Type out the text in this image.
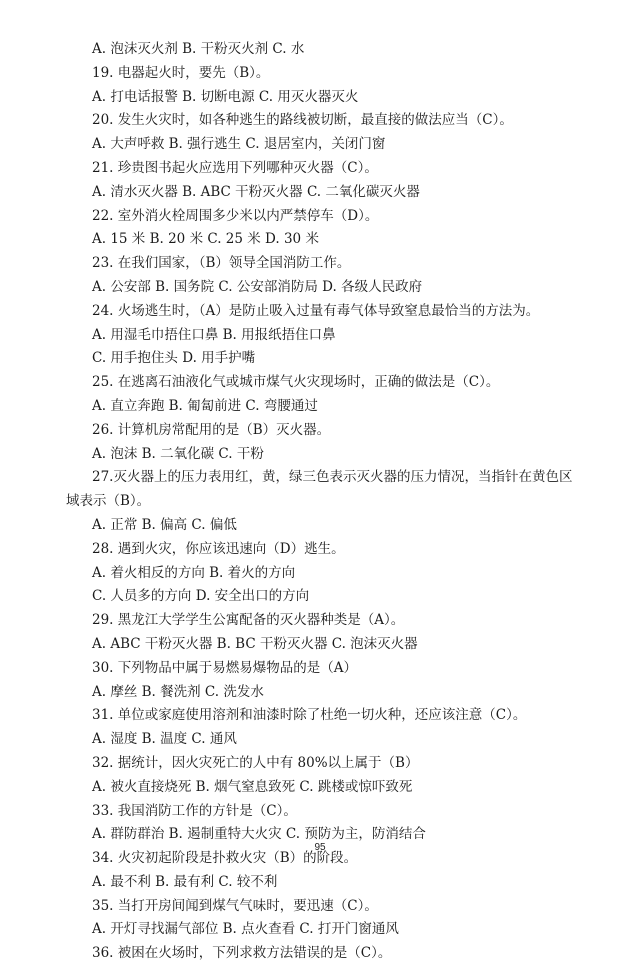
A. 泡沫灭火剂 B. 干粉灭火剂 C. 水
19. 电器起火时，要先（B）。
A. 打电话报警 B. 切断电源 C. 用灭火器灭火
20. 发生火灾时，如各种逃生的路线被切断，最直接的做法应当（C）。
A. 大声呼救 B. 强行逃生 C. 退居室内，关闭门窗
21. 珍贵图书起火应选用下列哪种灭火器（C）。
A. 清水灭火器 B. ABC 干粉灭火器 C. 二氧化碳灭火器
22. 室外消火栓周围多少米以内严禁停车（D）。
A. 15 米 B. 20 米 C. 25 米 D. 30 米
23. 在我们国家，（B）领导全国消防工作。
A. 公安部 B. 国务院 C. 公安部消防局 D. 各级人民政府
24. 火场逃生时，（A）是防止吸入过量有毒气体导致窒息最恰当的方法为。
A. 用湿毛巾捂住口鼻 B. 用报纸捂住口鼻
C. 用手抱住头 D. 用手护嘴
25. 在逃离石油液化气或城市煤气火灾现场时，正确的做法是（C）。
A. 直立奔跑 B. 匍匐前进 C. 弯腰通过
26. 计算机房常配用的是（B）灭火器。
A. 泡沫 B. 二氧化碳 C. 干粉
27.灭火器上的压力表用红，黄，绿三色表示灭火器的压力情况，当指针在黄色区域表示（B）。
A. 正常 B. 偏高 C. 偏低
28. 遇到火灾，你应该迅速向（D）逃生。
A. 着火相反的方向 B. 着火的方向
C. 人员多的方向 D. 安全出口的方向
29. 黑龙江大学学生公寓配备的灭火器种类是（A）。
A. ABC 干粉灭火器 B. BC 干粉灭火器 C. 泡沫灭火器
30. 下列物品中属于易燃易爆物品的是（A）
A. 摩丝 B. 餐洗剂 C. 洗发水
31. 单位或家庭使用溶剂和油漆时除了杜绝一切火种，还应该注意（C）。
A. 湿度 B. 温度 C. 通风
32. 据统计，因火灾死亡的人中有 80%以上属于（B）
A. 被火直接烧死 B. 烟气窒息致死 C. 跳楼或惊吓致死
33. 我国消防工作的方针是（C）。
A. 群防群治 B. 遏制重特大火灾 C. 预防为主，防消结合
34. 火灾初起阶段是扑救火灾（B）的阶段。
A. 最不利 B. 最有利 C. 较不利
35. 当打开房间闻到煤气气味时，要迅速（C）。
A. 开灯寻找漏气部位 B. 点火查看 C. 打开门窗通风
36. 被困在火场时，下列求救方法错误的是（C）。
95
